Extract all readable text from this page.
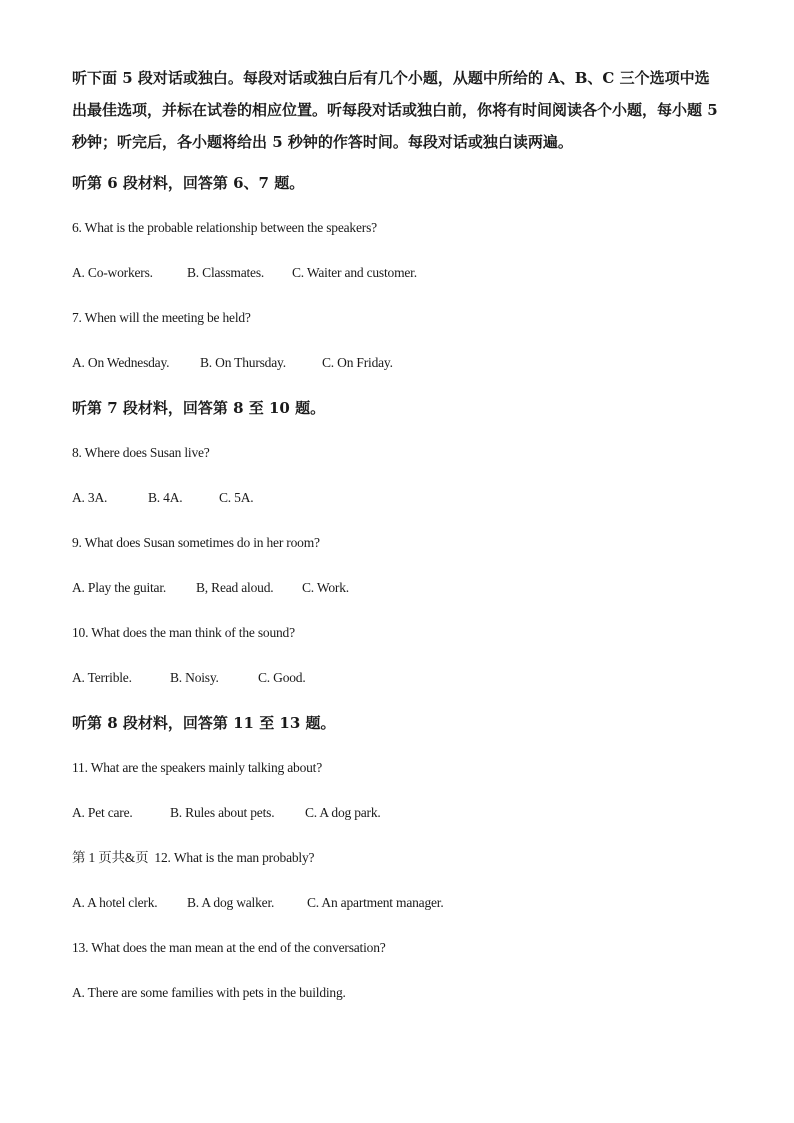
听下面 5 段对话或独白。每段对话或独白后有几个小题，从题中所给的 A、B、C 三个选项中选出最佳选项，并标在试卷的相应位置。听每段对话或独白前，你将有时间阅读各个小题，每小题 5 秒钟；听完后，各小题将给出 5 秒钟的作答时间。每段对话或独白读两遍。

听第 6 段材料，回答第 6、7 题。

6. What is the probable relationship between the speakers?

A. Co-workers.	B. Classmates. C. Waiter and customer.

7. When will the meeting be held?

A. On Wednesday. B. On Thursday.	C. On Friday.

听第 7 段材料，回答第 8 至 10 题。

8. Where does Susan live?

A. 3A.	B. 4A.	C. 5A.

9. What does Susan sometimes do in her room?

A. Play the guitar. B, Read aloud. C. Work.

10. What does the man think of the sound?

A. Terrible.	B. Noisy.	C. Good.

听第 8 段材料，回答第 11 至 13 题。

11. What are the speakers mainly talking about?

A. Pet care.	B. Rules about pets. C. A dog park.

第 1 页共&页 12. What is the man probably?

A. A hotel clerk. B. A dog walker. C. An apartment manager.

13. What does the man mean at the end of the conversation?

A. There are some families with pets in the building.
